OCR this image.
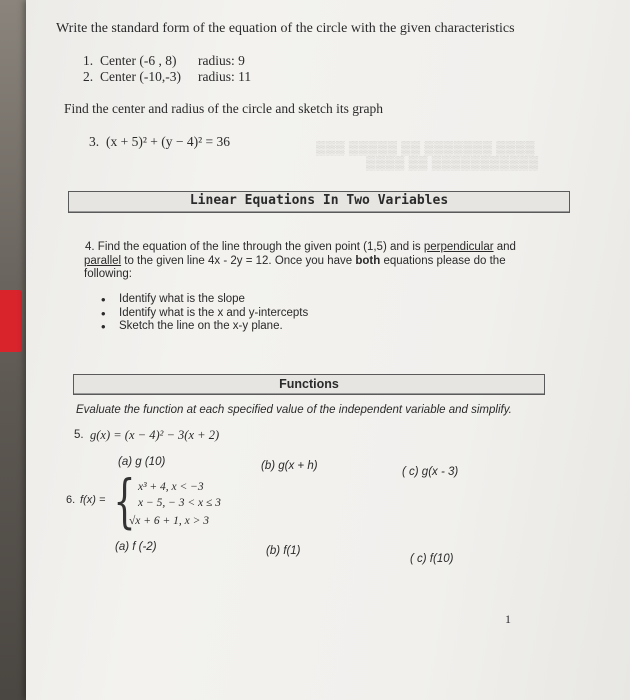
▒▒▒ ▒▒▒▒▒ ▒▒ ▒▒▒▒▒▒▒ ▒▒▒▒
▒▒▒▒ ▒▒ ▒▒▒▒▒▒▒▒▒▒▒
Write the standard form of the equation of the circle with the given characteristics
1. Center (-6 , 8) radius: 9
2. Center (-10,-3) radius: 11
Find the center and radius of the circle and sketch its graph
3. (x + 5)² + (y − 4)² = 36
Linear Equations In Two Variables
4. Find the equation of the line through the given point (1,5) and is perpendicular and
parallel to the given line 4x - 2y = 12. Once you have both equations please do the
following:
• Identify what is the slope
• Identify what is the x and y-intercepts
• Sketch the line on the x-y plane.
Functions
Evaluate the function at each specified value of the independent variable and simplify.
5. g(x) = (x − 4)² − 3(x + 2)
(a) g (10)	(b) g(x + h)	( c) g(x - 3)
6. f(x) = { x³ + 4, x < −3
x − 5, − 3 < x ≤ 3
√x + 6 + 1, x > 3
(a) f (-2)	(b) f(1)
( c) f(10)
1
